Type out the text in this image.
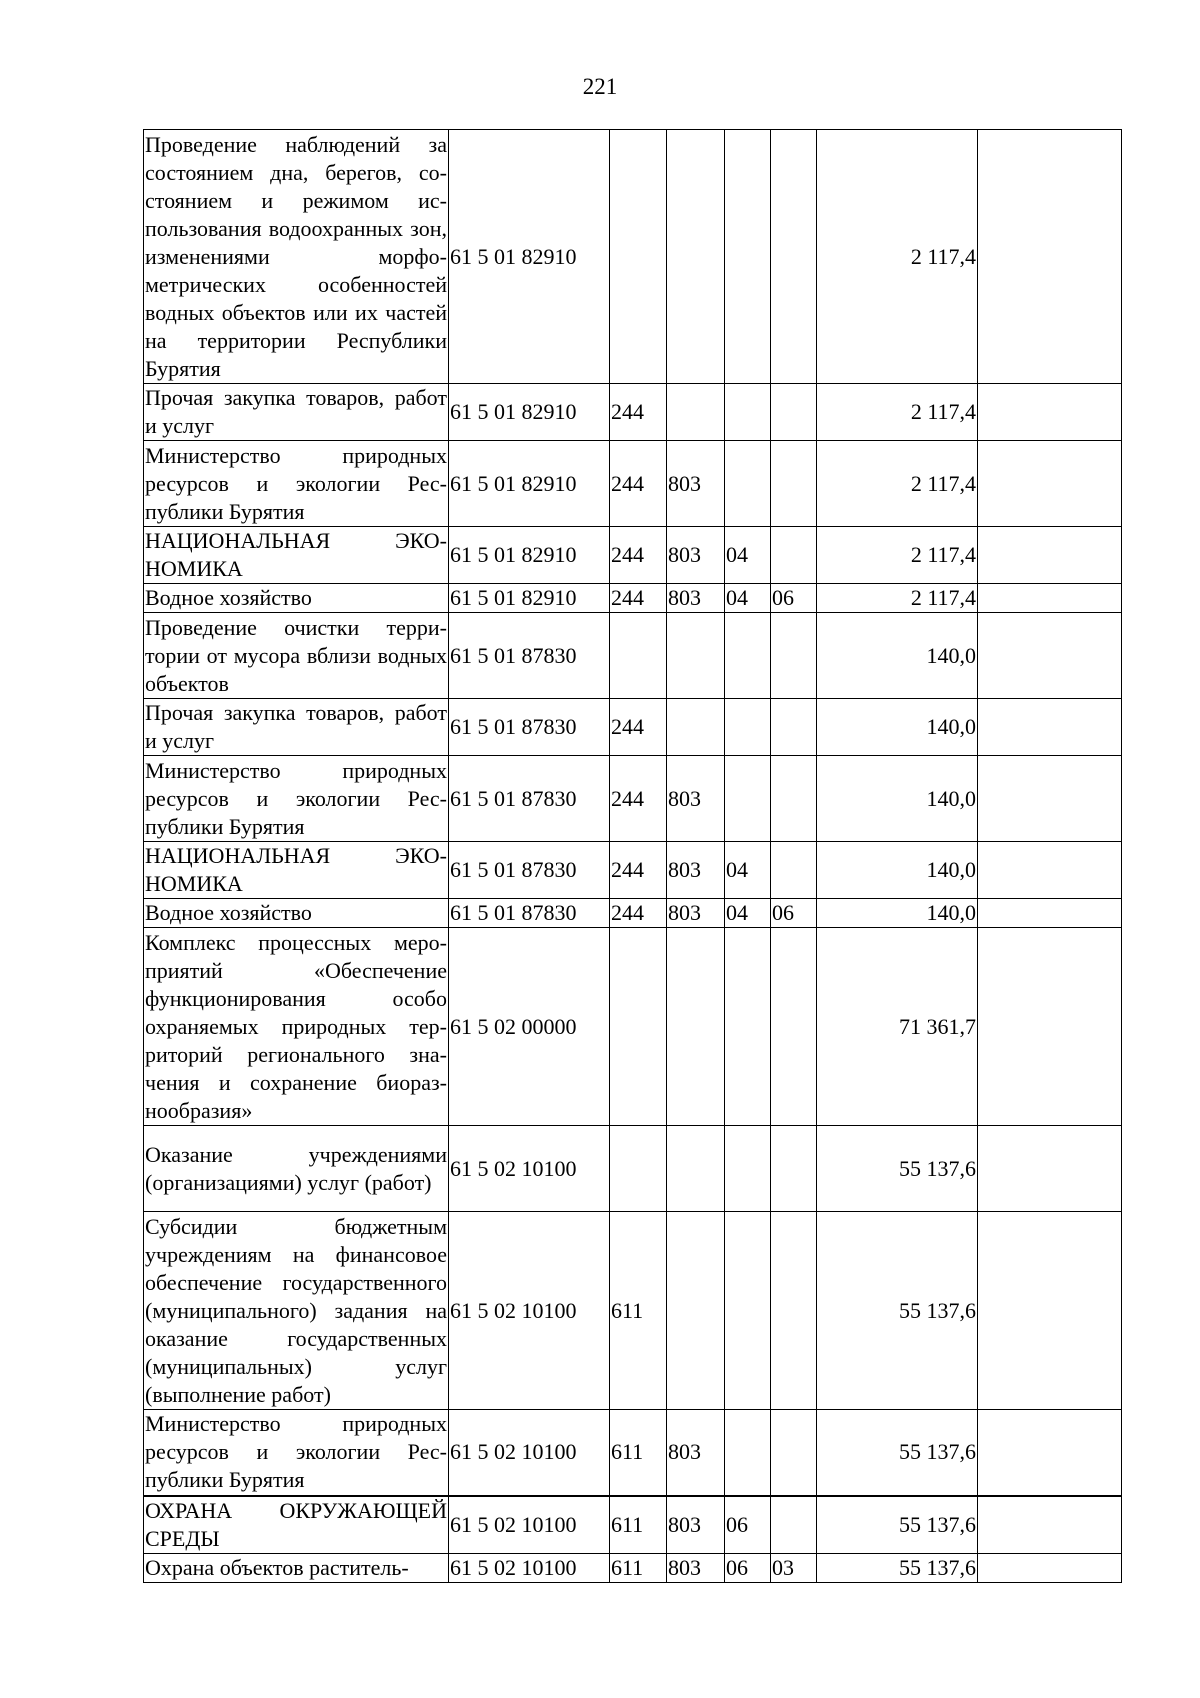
221
Проведение наблюдений за состоянием дна, берегов, состоянием и режимом использования водоохранных зон, изменениями морфометрических особенностей водных объектов или их частей на территории Республики Бурятия	61 5 01 82910					2 117,4	
Прочая закупка товаров, работ и услуг	61 5 01 82910	244				2 117,4	
Министерство природных ресурсов и экологии Республики Бурятия	61 5 01 82910	244	803			2 117,4	
НАЦИОНАЛЬНАЯ ЭКОНОМИКА	61 5 01 82910	244	803	04		2 117,4	
Водное хозяйство	61 5 01 82910	244	803	04	06	2 117,4	
Проведение очистки территории от мусора вблизи водных объектов	61 5 01 87830					140,0	
Прочая закупка товаров, работ и услуг	61 5 01 87830	244				140,0	
Министерство природных ресурсов и экологии Республики Бурятия	61 5 01 87830	244	803			140,0	
НАЦИОНАЛЬНАЯ ЭКОНОМИКА	61 5 01 87830	244	803	04		140,0	
Водное хозяйство	61 5 01 87830	244	803	04	06	140,0	
Комплекс процессных мероприятий «Обеспечение функционирования особо охраняемых природных территорий регионального значения и сохранение биоразнообразия»	61 5 02 00000					71 361,7	
Оказание учреждениями (организациями) услуг (работ)	61 5 02 10100					55 137,6	
Субсидии бюджетным учреждениям на финансовое обеспечение государственного (муниципального) задания на оказание государственных (муниципальных) услуг (выполнение работ)	61 5 02 10100	611				55 137,6	
Министерство природных ресурсов и экологии Республики Бурятия	61 5 02 10100	611	803			55 137,6	
ОХРАНА ОКРУЖАЮЩЕЙ СРЕДЫ	61 5 02 10100	611	803	06		55 137,6	
Охрана объектов раститель-	61 5 02 10100	611	803	06	03	55 137,6	
